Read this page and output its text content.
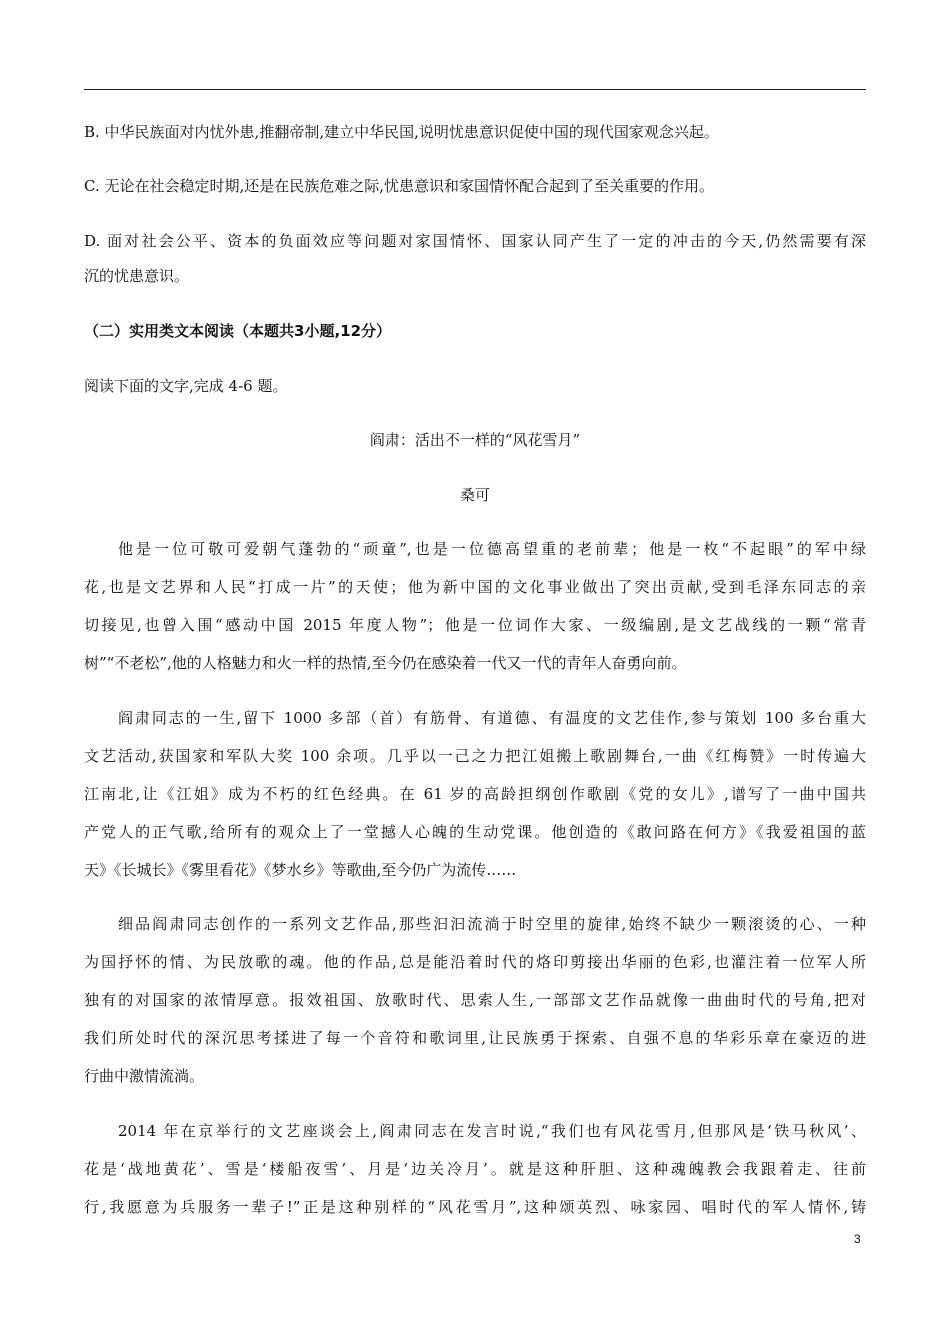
B. 中华民族面对内忧外患,推翻帝制,建立中华民国,说明忧患意识促使中国的现代国家观念兴起。
C. 无论在社会稳定时期,还是在民族危难之际,忧患意识和家国情怀配合起到了至关重要的作用。
D. 面对社会公平、资本的负面效应等问题对家国情怀、国家认同产生了一定的冲击的今天,仍然需要有深
沉的忧患意识。
（二）实用类文本阅读（本题共3小题,12分）
阅读下面的文字,完成 4-6 题。
阎肃：活出不一样的“风花雪月”
桑可
他是一位可敬可爱朝气蓬勃的“顽童”,也是一位德高望重的老前辈；他是一枚“不起眼”的军中绿
花,也是文艺界和人民“打成一片”的天使；他为新中国的文化事业做出了突出贡献,受到毛泽东同志的亲
切接见,也曾入围“感动中国 2015 年度人物”；他是一位词作大家、一级编剧,是文艺战线的一颗“常青
树”“不老松”,他的人格魅力和火一样的热情,至今仍在感染着一代又一代的青年人奋勇向前。
阎肃同志的一生,留下 1000 多部（首）有筋骨、有道德、有温度的文艺佳作,参与策划 100 多台重大
文艺活动,获国家和军队大奖 100 余项。几乎以一己之力把江姐搬上歌剧舞台,一曲《红梅赞》一时传遍大
江南北,让《江姐》成为不朽的红色经典。在 61 岁的高龄担纲创作歌剧《党的女儿》,谱写了一曲中国共
产党人的正气歌,给所有的观众上了一堂撼人心魄的生动党课。他创造的《敢问路在何方》《我爱祖国的蓝
天》《长城长》《雾里看花》《梦水乡》等歌曲,至今仍广为流传……
细品阎肃同志创作的一系列文艺作品,那些汩汩流淌于时空里的旋律,始终不缺少一颗滚烫的心、一种
为国抒怀的情、为民放歌的魂。他的作品,总是能沿着时代的烙印剪接出华丽的色彩,也灌注着一位军人所
独有的对国家的浓情厚意。报效祖国、放歌时代、思索人生,一部部文艺作品就像一曲曲时代的号角,把对
我们所处时代的深沉思考揉进了每一个音符和歌词里,让民族勇于探索、自强不息的华彩乐章在豪迈的进
行曲中激情流淌。
2014 年在京举行的文艺座谈会上,阎肃同志在发言时说,“我们也有风花雪月,但那风是‘铁马秋风’、
花是‘战地黄花’、雪是‘楼船夜雪’、月是‘边关冷月’。就是这种肝胆、这种魂魄教会我跟着走、往前
行,我愿意为兵服务一辈子!”正是这种别样的“风花雪月”,这种颂英烈、咏家园、唱时代的军人情怀,铸
3
